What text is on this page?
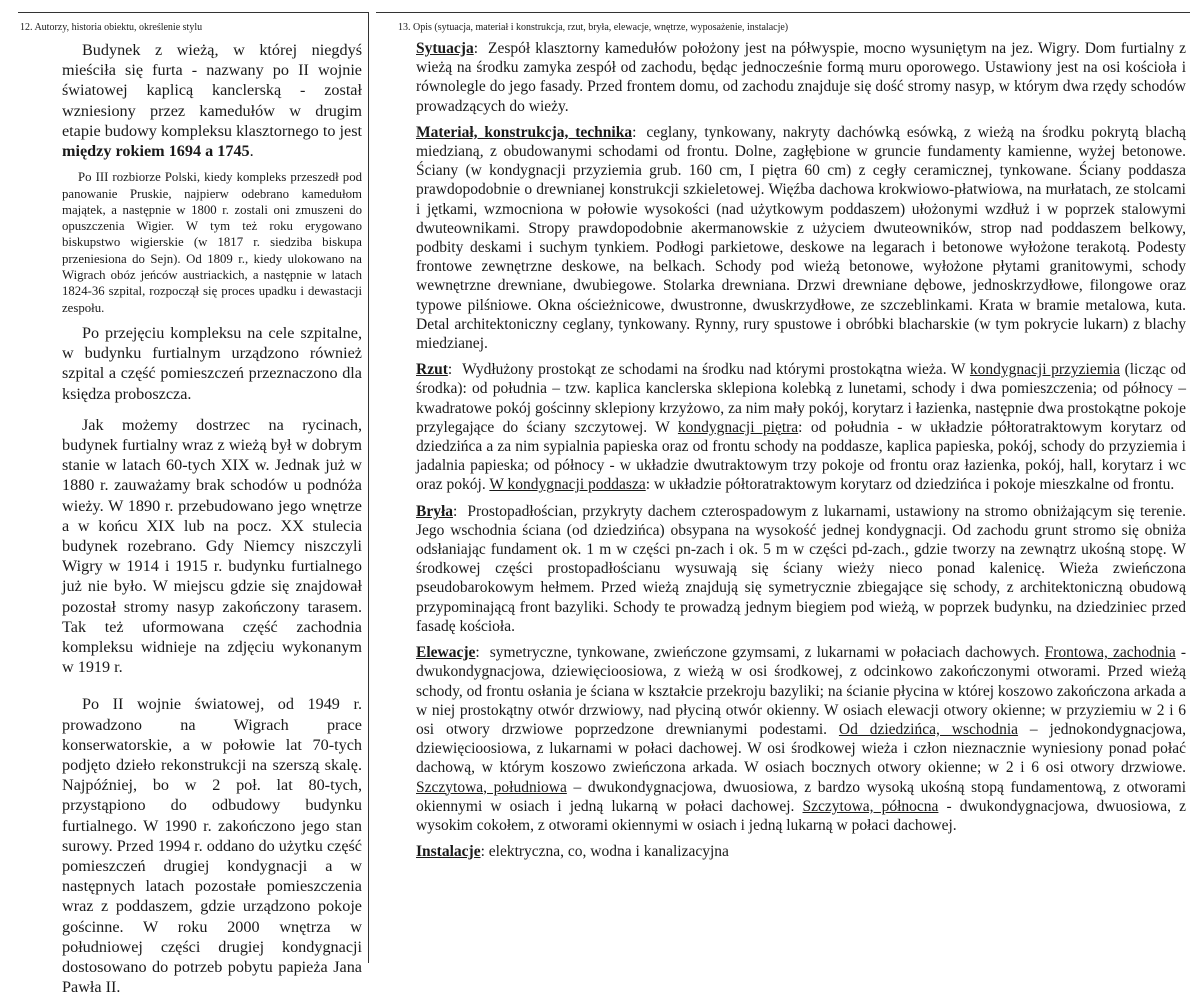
12. Autorzy, historia obiektu, określenie stylu

Budynek z wieżą, w której niegdyś mieściła się furta - nazwany po II wojnie światowej kaplicą kanclerską - został wzniesiony przez kamedułów w drugim etapie budowy kompleksu klasztornego to jest między rokiem 1694 a 1745.

Po III rozbiorze Polski, kiedy kompleks przeszedł pod panowanie Pruskie, najpierw odebrano kamedułom majątek, a następnie w 1800 r. zostali oni zmuszeni do opuszczenia Wigier. W tym też roku erygowano biskupstwo wigierskie (w 1817 r. siedziba biskupa przeniesiona do Sejn). Od 1809 r., kiedy ulokowano na Wigrach obóz jeńców austriackich, a następnie w latach 1824-36 szpital, rozpoczął się proces upadku i dewastacji zespołu.

Po przejęciu kompleksu na cele szpitalne, w budynku furtialnym urządzono również szpital a część pomieszczeń przeznaczono dla księdza proboszcza.

Jak możemy dostrzec na rycinach, budynek furtialny wraz z wieżą był w dobrym stanie w latach 60-tych XIX w. Jednak już w 1880 r. zauważamy brak schodów u podnóża wieży. W 1890 r. przebudowano jego wnętrze a w końcu XIX lub na pocz. XX stulecia budynek rozebrano. Gdy Niemcy niszczyli Wigry w 1914 i 1915 r. budynku furtialnego już nie było. W miejscu gdzie się znajdował pozostał stromy nasyp zakończony tarasem. Tak też uformowana część zachodnia kompleksu widnieje na zdjęciu wykonanym w 1919 r.

Po II wojnie światowej, od 1949 r. prowadzono na Wigrach prace konserwatorskie, a w połowie lat 70-tych podjęto dzieło rekonstrukcji na szerszą skalę. Najpóźniej, bo w 2 poł. lat 80-tych, przystąpiono do odbudowy budynku furtialnego. W 1990 r. zakończono jego stan surowy. Przed 1994 r. oddano do użytku część pomieszczeń drugiej kondygnacji a w następnych latach pozostałe pomieszczenia wraz z poddaszem, gdzie urządzono pokoje gościnne. W roku 2000 wnętrza w południowej części drugiej kondygnacji dostosowano do potrzeb pobytu papieża Jana Pawła II.

13. Opis (sytuacja, materiał i konstrukcja, rzut, bryła, elewacje, wnętrze, wyposażenie, instalacje)

Sytuacja: Zespół klasztorny kamedułów położony jest na półwyspie, mocno wysuniętym na jez. Wigry. Dom furtialny z wieżą na środku zamyka zespół od zachodu, będąc jednocześnie formą muru oporowego. Ustawiony jest na osi kościoła i równolegle do jego fasady. Przed frontem domu, od zachodu znajduje się dość stromy nasyp, w którym dwa rzędy schodów prowadzących do wieży.

Materiał, konstrukcja, technika: ceglany, tynkowany, nakryty dachówką esówką, z wieżą na środku pokrytą blachą miedzianą, z obudowanymi schodami od frontu. Dolne, zagłębione w gruncie fundamenty kamienne, wyżej betonowe. Ściany (w kondygnacji przyziemia grub. 160 cm, I piętra 60 cm) z cegły ceramicznej, tynkowane. Ściany poddasza prawdopodobnie o drewnianej konstrukcji szkieletowej. Więźba dachowa krokwiowo-płatwiowa, na murłatach, ze stolcami i jętkami, wzmocniona w połowie wysokości (nad użytkowym poddaszem) ułożonymi wzdłuż i w poprzek stalowymi dwuteownikami. Stropy prawdopodobnie akermanowskie z użyciem dwuteowników, strop nad poddaszem belkowy, podbity deskami i suchym tynkiem. Podłogi parkietowe, deskowe na legarach i betonowe wyłożone terakotą. Podesty frontowe zewnętrzne deskowe, na belkach. Schody pod wieżą betonowe, wyłożone płytami granitowymi, schody wewnętrzne drewniane, dwubiegowe. Stolarka drewniana. Drzwi drewniane dębowe, jednoskrzydłowe, filongowe oraz typowe pilśniowe. Okna ościeżnicowe, dwustronne, dwuskrzydłowe, ze szczeblinkami. Krata w bramie metalowa, kuta. Detal architektoniczny ceglany, tynkowany. Rynny, rury spustowe i obróbki blacharskie (w tym pokrycie lukarn) z blachy miedzianej.

Rzut: Wydłużony prostokąt ze schodami na środku nad którymi prostokątna wieża. W kondygnacji przyziemia (licząc od środka): od południa – tzw. kaplica kanclerska sklepiona kolebką z lunetami, schody i dwa pomieszczenia; od północy – kwadratowe pokój gościnny sklepiony krzyżowo, za nim mały pokój, korytarz i łazienka, następnie dwa prostokątne pokoje przylegające do ściany szczytowej. W kondygnacji piętra: od południa - w układzie półtoratraktowym korytarz od dziedzińca a za nim sypialnia papieska oraz od frontu schody na poddasze, kaplica papieska, pokój, schody do przyziemia i jadalnia papieska; od północy - w układzie dwutraktowym trzy pokoje od frontu oraz łazienka, pokój, hall, korytarz i wc oraz pokój. W kondygnacji poddasza: w układzie półtoratraktowym korytarz od dziedzińca i pokoje mieszkalne od frontu.

Bryła: Prostopadłościan, przykryty dachem czterospadowym z lukarnami, ustawiony na stromo obniżającym się terenie. Jego wschodnia ściana (od dziedzińca) obsypana na wysokość jednej kondygnacji. Od zachodu grunt stromo się obniża odsłaniając fundament ok. 1 m w części pn-zach i ok. 5 m w części pd-zach., gdzie tworzy na zewnątrz ukośną stopę. W środkowej części prostopadłościanu wysuwają się ściany wieży nieco ponad kalenicę. Wieża zwieńczona pseudobarokowym hełmem. Przed wieżą znajdują się symetrycznie zbiegające się schody, z architektoniczną obudową przypominającą front bazyliki. Schody te prowadzą jednym biegiem pod wieżą, w poprzek budynku, na dziedziniec przed fasadę kościoła.

Elewacje: symetryczne, tynkowane, zwieńczone gzymsami, z lukarnami w połaciach dachowych. Frontowa, zachodnia - dwukondygnacjowa, dziewięcioosiowa, z wieżą w osi środkowej, z odcinkowo zakończonymi otworami. Przed wieżą schody, od frontu osłania je ściana w kształcie przekroju bazyliki; na ścianie płycina w której koszowo zakończona arkada a w niej prostokątny otwór drzwiowy, nad płyciną otwór okienny. W osiach elewacji otwory okienne; w przyziemiu w 2 i 6 osi otwory drzwiowe poprzedzone drewnianymi podestami. Od dziedzińca, wschodnia – jednokondygnacjowa, dziewięcioosiowa, z lukarnami w połaci dachowej. W osi środkowej wieża i człon nieznacznie wyniesiony ponad połać dachową, w którym koszowo zwieńczona arkada. W osiach bocznych otwory okienne; w 2 i 6 osi otwory drzwiowe. Szczytowa, południowa – dwukondygnacjowa, dwuosiowa, z bardzo wysoką ukośną stopą fundamentową, z otworami okiennymi w osiach i jedną lukarną w połaci dachowej. Szczytowa, północna - dwukondygnacjowa, dwuosiowa, z wysokim cokołem, z otworami okiennymi w osiach i jedną lukarną w połaci dachowej.

Instalacje: elektryczna, co, wodna i kanalizacyjna
